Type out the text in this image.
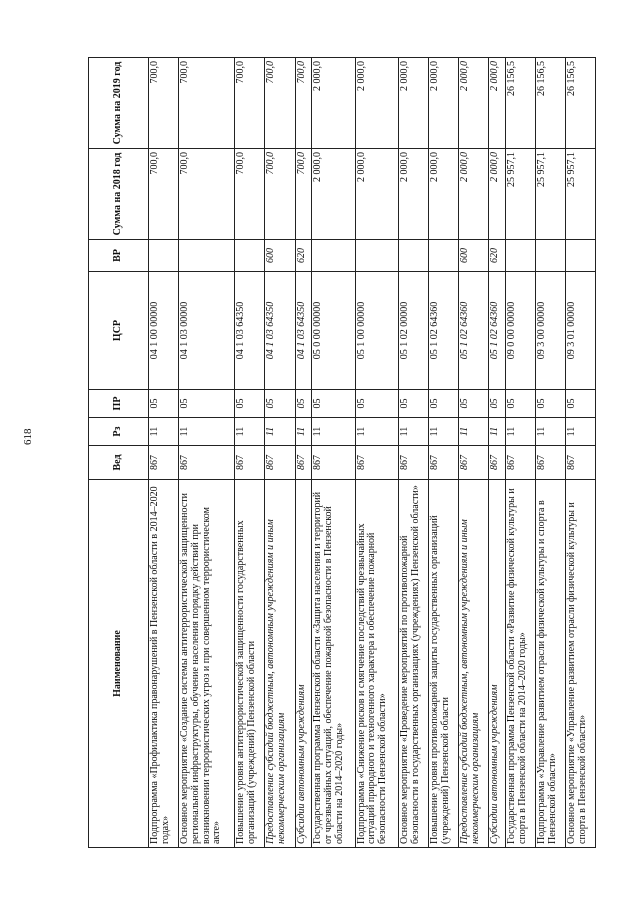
618
Наименование	Вед	Рз	ПР	ЦСР	ВР	Сумма на 2018 год	Сумма на 2019 год
Подпрограмма «Профилактика правонарушений в Пензенской области в 2014–2020 годах»	867	11	05	04 1 00 00000		700,0	700,0
Основное мероприятие «Создание системы антитеррористической защищенности региональной инфраструктуры, обучение населения порядку действий при возникновении террористических угроз и при совершенном террористическом акте»	867	11	05	04 1 03 00000		700,0	700,0
Повышение уровня антитеррористической защищенности государственных организаций (учреждений) Пензенской области	867	11	05	04 1 03 64350		700,0	700,0
Предоставление субсидий бюджетным, автономным учреждениям и иным некоммерческим организациям	867	11	05	04 1 03 64350	600	700,0	700,0
Субсидии автономным учреждениям	867	11	05	04 1 03 64350	620	700,0	700,0
Государственная программа Пензенской области «Защита населения и территорий от чрезвычайных ситуаций, обеспечение пожарной безопасности в Пензенской области на 2014–2020 годы»	867	11	05	05 0 00 00000		2 000,0	2 000,0
Подпрограмма «Снижение рисков и смягчение последствий чрезвычайных ситуаций природного и техногенного характера и обеспечение пожарной безопасности Пензенской области»	867	11	05	05 1 00 00000		2 000,0	2 000,0
Основное мероприятие «Проведение мероприятий по противопожарной безопасности в государственных организациях (учреждениях) Пензенской области»	867	11	05	05 1 02 00000		2 000,0	2 000,0
Повышение уровня противопожарной защиты государственных организаций (учреждений) Пензенской области	867	11	05	05 1 02 64360		2 000,0	2 000,0
Предоставление субсидий бюджетным, автономным учреждениям и иным некоммерческим организациям	867	11	05	05 1 02 64360	600	2 000,0	2 000,0
Субсидии автономным учреждениям	867	11	05	05 1 02 64360	620	2 000,0	2 000,0
Государственная программа Пензенской области «Развитие физической культуры и спорта в Пензенской области на 2014–2020 годы»	867	11	05	09 0 00 00000		25 957,1	26 156,5
Подпрограмма «Управление развитием отрасли физической культуры и спорта в Пензенской области»	867	11	05	09 3 00 00000		25 957,1	26 156,5
Основное мероприятие «Управление развитием отрасли физической культуры и спорта в Пензенской области»	867	11	05	09 3 01 00000		25 957,1	26 156,5
